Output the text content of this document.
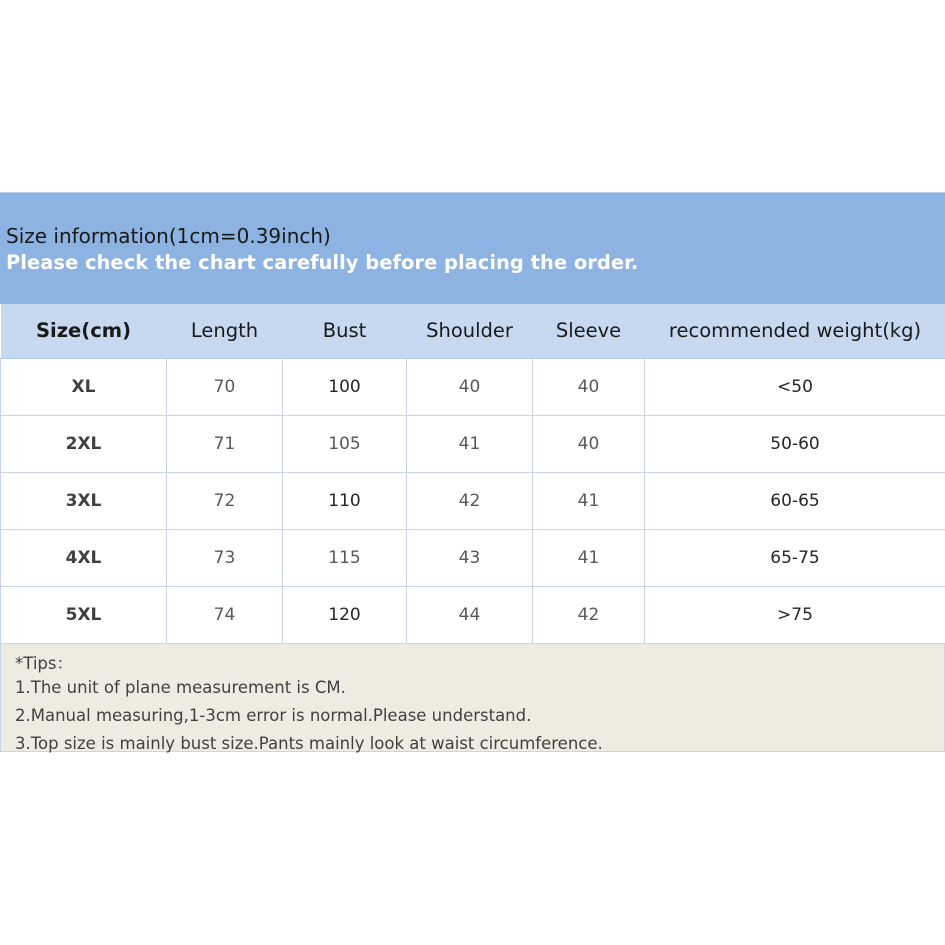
Size information(1cm=0.39inch)
Please check the chart carefully before placing the order.
Size(cm)	Length	Bust	Shoulder	Sleeve	recommended weight(kg)
XL	70	100	40	40	<50
2XL	71	105	41	40	50-60
3XL	72	110	42	41	60-65
4XL	73	115	43	41	65-75
5XL	74	120	44	42	>75
*Tips：
1.The unit of plane measurement is CM.
2.Manual measuring,1-3cm error is normal.Please understand.
3.Top size is mainly bust size.Pants mainly look at waist circumference.
